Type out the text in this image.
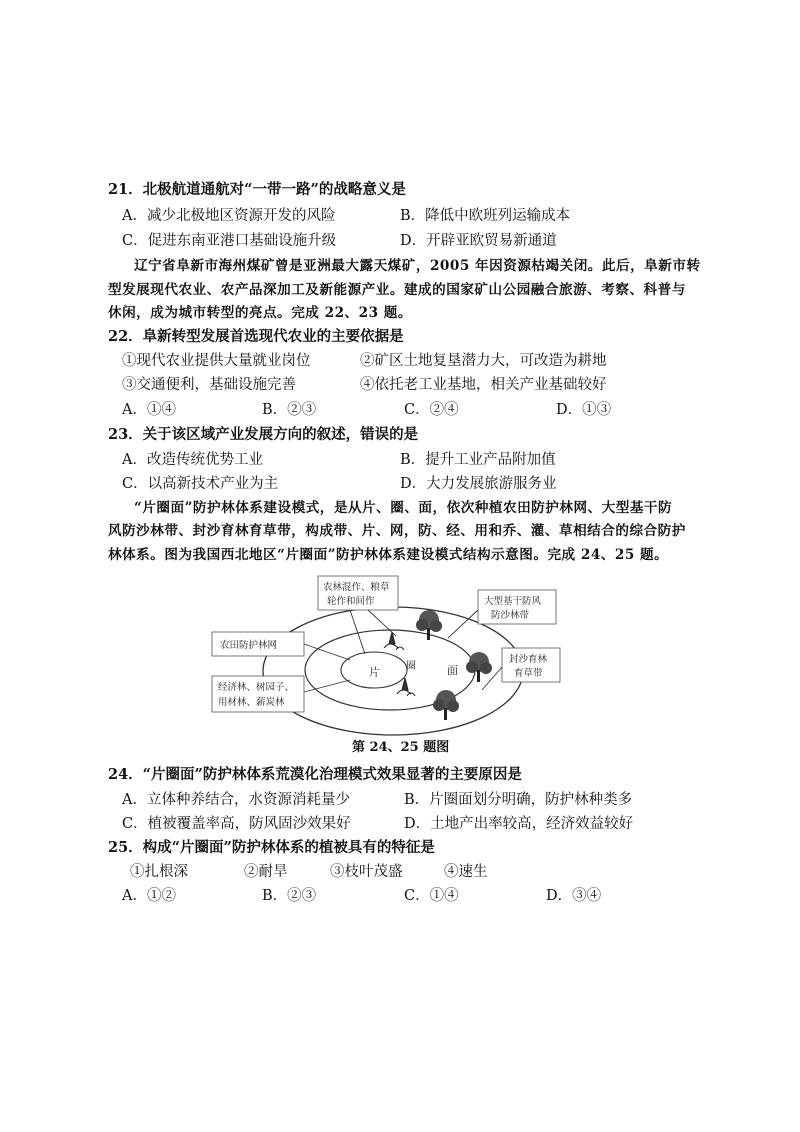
21．北极航道通航对“一带一路”的战略意义是
A．减少北极地区资源开发的风险	B．降低中欧班列运输成本
C．促进东南亚港口基础设施升级	D．开辟亚欧贸易新通道
辽宁省阜新市海州煤矿曾是亚洲最大露天煤矿，2005 年因资源枯竭关闭。此后，阜新市转
型发展现代农业、农产品深加工及新能源产业。建成的国家矿山公园融合旅游、考察、科普与
休闲，成为城市转型的亮点。完成 22、23 题。
22．阜新转型发展首选现代农业的主要依据是
①现代农业提供大量就业岗位	②矿区土地复垦潜力大，可改造为耕地
③交通便利，基础设施完善	④依托老工业基地，相关产业基础较好
A．①④	B．②③	C．②④	D．①③
23．关于该区域产业发展方向的叙述，错误的是
A．改造传统优势工业	B．提升工业产品附加值
C．以高新技术产业为主	D．大力发展旅游服务业
“片圈面”防护林体系建设模式，是从片、圈、面，依次种植农田防护林网、大型基干防
风防沙林带、封沙育林育草带，构成带、片、网，防、经、用和乔、灌、草相结合的综合防护
林体系。图为我国西北地区“片圈面”防护林体系建设模式结构示意图。完成 24、25 题。
片	圈	面
农田防护林网
经济林、树园子、
用材林、薪炭林
农林混作、粮草
轮作和间作	大型基干防风
防沙林带
封沙育林
育草带
第 24、25 题图
24．“片圈面”防护林体系荒漠化治理模式效果显著的主要原因是
A．立体种养结合，水资源消耗量少	B．片圈面划分明确，防护林种类多
C．植被覆盖率高，防风固沙效果好	D．土地产出率较高，经济效益较好
25．构成“片圈面”防护林体系的植被具有的特征是
①扎根深	②耐旱	③枝叶茂盛	④速生
A．①②	B．②③	C．①④	D．③④
